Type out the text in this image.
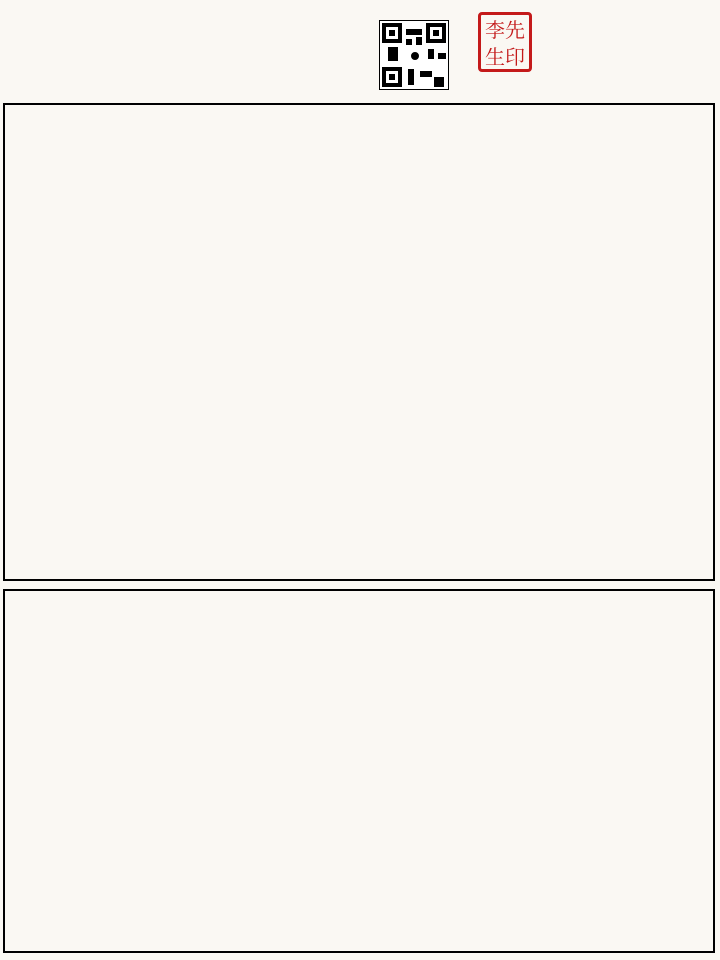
李先
生印
